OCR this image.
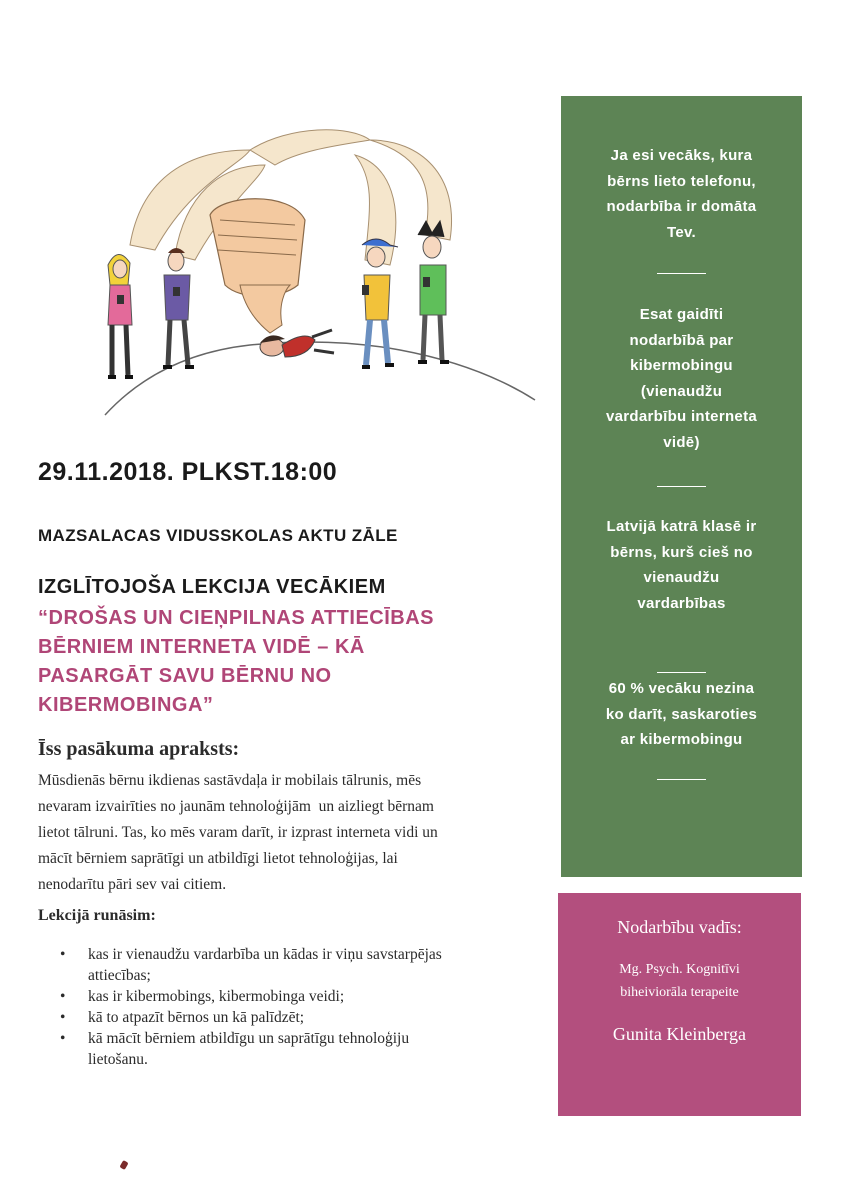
29.11.2018. PLKST.18:00
MAZSALACAS VIDUSSKOLAS AKTU ZĀLE
IZGLĪTOJOŠA LEKCIJA VECĀKIEM
“DROŠAS UN CIEŅPILNAS ATTIECĪBAS
BĒRNIEM INTERNETA VIDĒ – KĀ
PASARGĀT SAVU BĒRNU NO
KIBERMOBINGA”
Īss pasākuma apraksts:
Mūsdienās bērnu ikdienas sastāvdaļa ir mobilais tālrunis, mēs
nevaram izvairīties no jaunām tehnoloģijām  un aizliegt bērnam
lietot tālruni. Tas, ko mēs varam darīt, ir izprast interneta vidi un
mācīt bērniem saprātīgi un atbildīgi lietot tehnoloģijas, lai
nenodarītu pāri sev vai citiem.
Lekcijā runāsim:
• kas ir vienaudžu vardarbība un kādas ir viņu savstarpējas
attiecības;
• kas ir kibermobings, kibermobinga veidi;
• kā to atpazīt bērnos un kā palīdzēt;
• kā mācīt bērniem atbildīgu un saprātīgu tehnoloģiju
lietošanu.

Ja esi vecāks, kura
bērns lieto telefonu,
nodarbība ir domāta
Tev.

Esat gaidīti
nodarbībā par
kibermobingu
(vienaudžu
vardarbību interneta
vidē)

Latvijā katrā klasē ir
bērns, kurš cieš no
vienaudžu
vardarbības

60 % vecāku nezina
ko darīt, saskaroties
ar kibermobingu

Nodarbību vadīs:
Mg. Psych. Kognitīvi
biheiviorāla terapeite
Gunita Kleinberga
